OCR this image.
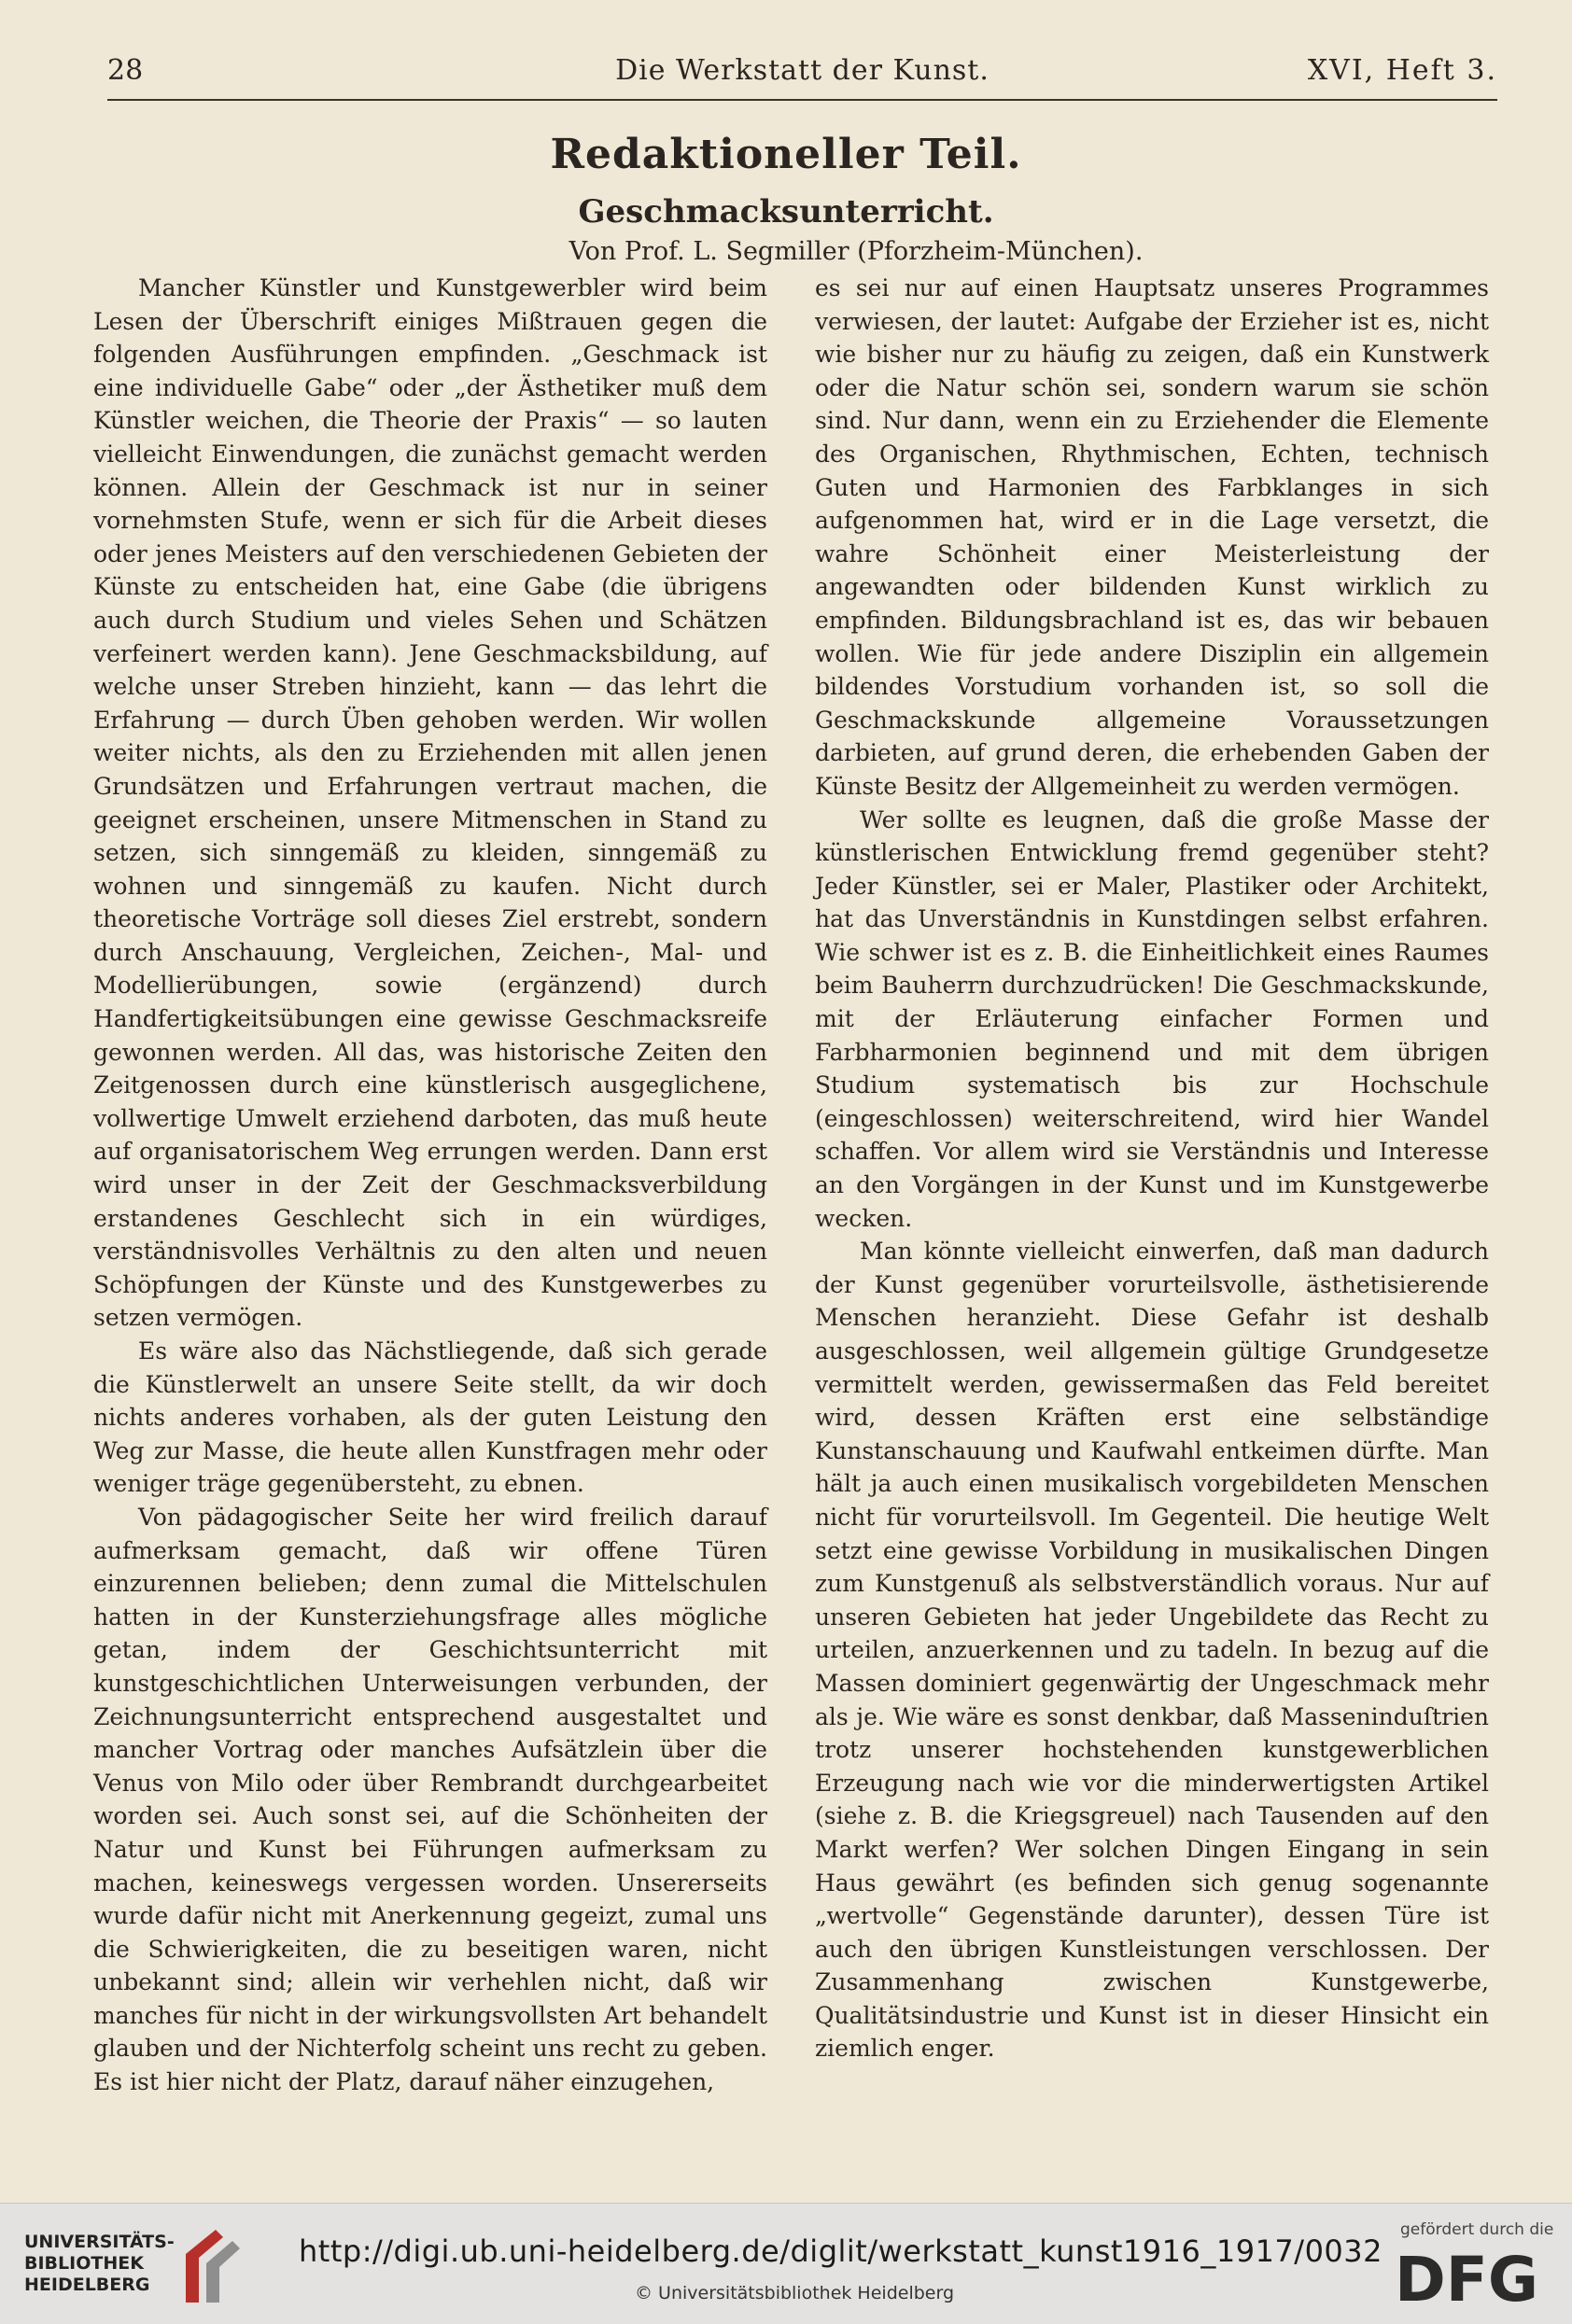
28	Die Werkstatt der Kunst.	XVI, Heft 3.
Redaktioneller Teil.
Geschmacksunterricht.
Von Prof. L. Segmiller (Pforzheim-München).

Mancher Künstler und Kunstgewerbler wird beim Lesen der Überschrift einiges Mißtrauen gegen die folgenden Ausführungen empfinden. „Geschmack ist eine individuelle Gabe“ oder „der Ästhetiker muß dem Künstler weichen, die Theorie der Praxis“ — so lauten vielleicht Einwendungen, die zunächst gemacht werden können. Allein der Geschmack ist nur in seiner vornehmsten Stufe, wenn er sich für die Arbeit dieses oder jenes Meisters auf den verschiedenen Gebieten der Künste zu entscheiden hat, eine Gabe (die übrigens auch durch Studium und vieles Sehen und Schätzen verfeinert werden kann). Jene Geschmacksbildung, auf welche unser Streben hinzieht, kann — das lehrt die Erfahrung — durch Üben gehoben werden. Wir wollen weiter nichts, als den zu Erziehenden mit allen jenen Grundsätzen und Erfahrungen vertraut machen, die geeignet erscheinen, unsere Mitmenschen in Stand zu setzen, sich sinngemäß zu kleiden, sinngemäß zu wohnen und sinngemäß zu kaufen. Nicht durch theoretische Vorträge soll dieses Ziel erstrebt, sondern durch Anschauung, Vergleichen, Zeichen-, Mal- und Modellierübungen, sowie (ergänzend) durch Handfertigkeitsübungen eine gewisse Geschmacksreife gewonnen werden. All das, was historische Zeiten den Zeitgenossen durch eine künstlerisch ausgeglichene, vollwertige Umwelt erziehend darboten, das muß heute auf organisatorischem Weg errungen werden. Dann erst wird unser in der Zeit der Geschmacksverbildung erstandenes Geschlecht sich in ein würdiges, verständnisvolles Verhältnis zu den alten und neuen Schöpfungen der Künste und des Kunstgewerbes zu setzen vermögen.

Es wäre also das Nächstliegende, daß sich gerade die Künstlerwelt an unsere Seite stellt, da wir doch nichts anderes vorhaben, als der guten Leistung den Weg zur Masse, die heute allen Kunstfragen mehr oder weniger träge gegenübersteht, zu ebnen.

Von pädagogischer Seite her wird freilich darauf aufmerksam gemacht, daß wir offene Türen einzurennen belieben; denn zumal die Mittelschulen hatten in der Kunsterziehungsfrage alles mögliche getan, indem der Geschichtsunterricht mit kunstgeschichtlichen Unterweisungen verbunden, der Zeichnungsunterricht entsprechend ausgestaltet und mancher Vortrag oder manches Aufsätzlein über die Venus von Milo oder über Rembrandt durchgearbeitet worden sei. Auch sonst sei, auf die Schönheiten der Natur und Kunst bei Führungen aufmerksam zu machen, keineswegs vergessen worden. Unsererseits wurde dafür nicht mit Anerkennung gegeizt, zumal uns die Schwierigkeiten, die zu beseitigen waren, nicht unbekannt sind; allein wir verhehlen nicht, daß wir manches für nicht in der wirkungsvollsten Art behandelt glauben und der Nichterfolg scheint uns recht zu geben. Es ist hier nicht der Platz, darauf näher einzugehen,

es sei nur auf einen Hauptsatz unseres Programmes verwiesen, der lautet: Aufgabe der Erzieher ist es, nicht wie bisher nur zu häufig zu zeigen, daß ein Kunstwerk oder die Natur schön sei, sondern warum sie schön sind. Nur dann, wenn ein zu Erziehender die Elemente des Organischen, Rhythmischen, Echten, technisch Guten und Harmonien des Farbklanges in sich aufgenommen hat, wird er in die Lage versetzt, die wahre Schönheit einer Meisterleistung der angewandten oder bildenden Kunst wirklich zu empfinden. Bildungsbrachland ist es, das wir bebauen wollen. Wie für jede andere Disziplin ein allgemein bildendes Vorstudium vorhanden ist, so soll die Geschmackskunde allgemeine Voraussetzungen darbieten, auf grund deren, die erhebenden Gaben der Künste Besitz der Allgemeinheit zu werden vermögen.

Wer sollte es leugnen, daß die große Masse der künstlerischen Entwicklung fremd gegenüber steht? Jeder Künstler, sei er Maler, Plastiker oder Architekt, hat das Unverständnis in Kunstdingen selbst erfahren. Wie schwer ist es z. B. die Einheitlichkeit eines Raumes beim Bauherrn durchzudrücken! Die Geschmackskunde, mit der Erläuterung einfacher Formen und Farbharmonien beginnend und mit dem übrigen Studium systematisch bis zur Hochschule (eingeschlossen) weiterschreitend, wird hier Wandel schaffen. Vor allem wird sie Verständnis und Interesse an den Vorgängen in der Kunst und im Kunstgewerbe wecken.

Man könnte vielleicht einwerfen, daß man dadurch der Kunst gegenüber vorurteilsvolle, ästhetisierende Menschen heranzieht. Diese Gefahr ist deshalb ausgeschlossen, weil allgemein gültige Grundgesetze vermittelt werden, gewissermaßen das Feld bereitet wird, dessen Kräften erst eine selbständige Kunstanschauung und Kaufwahl entkeimen dürfte. Man hält ja auch einen musikalisch vorgebildeten Menschen nicht für vorurteilsvoll. Im Gegenteil. Die heutige Welt setzt eine gewisse Vorbildung in musikalischen Dingen zum Kunstgenuß als selbstverständlich voraus. Nur auf unseren Gebieten hat jeder Ungebildete das Recht zu urteilen, anzuerkennen und zu tadeln. In bezug auf die Massen dominiert gegenwärtig der Ungeschmack mehr als je. Wie wäre es sonst denkbar, daß Masseninduſtrien trotz unserer hochstehenden kunstgewerblichen Erzeugung nach wie vor die minderwertigsten Artikel (siehe z. B. die Kriegsgreuel) nach Tausenden auf den Markt werfen? Wer solchen Dingen Eingang in sein Haus gewährt (es befinden sich genug sogenannte „wertvolle“ Gegenstände darunter), dessen Türe ist auch den übrigen Kunstleistungen verschlossen. Der Zusammenhang zwischen Kunstgewerbe, Qualitätsindustrie und Kunst ist in dieser Hinsicht ein ziemlich enger.

UNIVERSITÄTS-
BIBLIOTHEK
HEIDELBERG
http://digi.ub.uni-heidelberg.de/diglit/werkstatt_kunst1916_1917/0032
© Universitätsbibliothek Heidelberg
gefördert durch die
DFG
